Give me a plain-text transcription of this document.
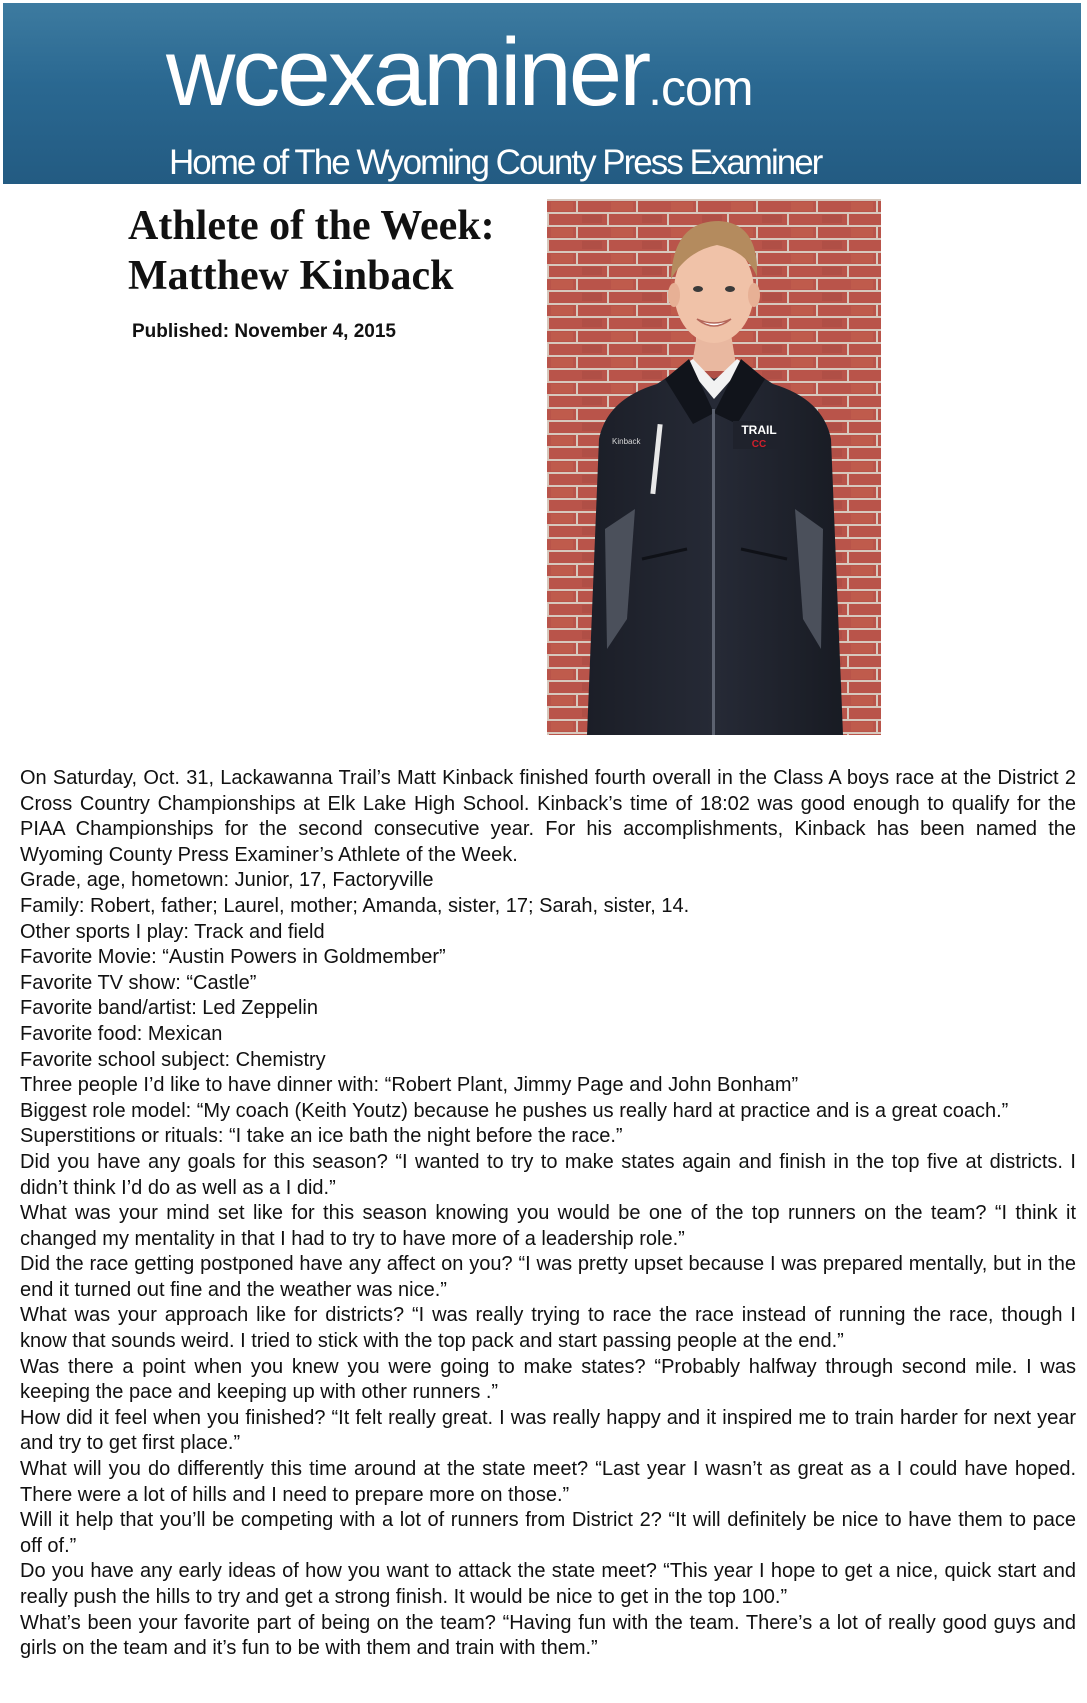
wcexaminer.com
Home of The Wyoming County Press Examiner
Athlete of the Week:
Matthew Kinback
Published: November 4, 2015
TRAIL
CC
Kinback

On Saturday, Oct. 31, Lackawanna Trail’s Matt Kinback finished fourth overall in the Class A boys race at the District 2 Cross Country Championships at Elk Lake High School. Kinback’s time of 18:02 was good enough to qualify for the PIAA Championships for the second consecutive year. For his accomplishments, Kinback has been named the Wyoming County Press Examiner’s Athlete of the Week.

Grade, age, hometown: Junior, 17, Factoryville

Family: Robert, father; Laurel, mother; Amanda, sister, 17; Sarah, sister, 14.

Other sports I play: Track and field

Favorite Movie: “Austin Powers in Goldmember”

Favorite TV show: “Castle”

Favorite band/artist: Led Zeppelin

Favorite food: Mexican

Favorite school subject: Chemistry

Three people I’d like to have dinner with: “Robert Plant, Jimmy Page and John Bonham”

Biggest role model: “My coach (Keith Youtz) because he pushes us really hard at practice and is a great coach.”

Superstitions or rituals: “I take an ice bath the night before the race.”

Did you have any goals for this season? “I wanted to try to make states again and finish in the top five at districts. I didn’t think I’d do as well as a I did.”

What was your mind set like for this season knowing you would be one of the top runners on the team? “I think it changed my mentality in that I had to try to have more of a leadership role.”

Did the race getting postponed have any affect on you? “I was pretty upset because I was prepared mentally, but in the end it turned out fine and the weather was nice.”

What was your approach like for districts? “I was really trying to race the race instead of running the race, though I know that sounds weird. I tried to stick with the top pack and start passing people at the end.”

Was there a point when you knew you were going to make states? “Probably halfway through second mile. I was keeping the pace and keeping up with other runners .”

How did it feel when you finished? “It felt really great. I was really happy and it inspired me to train harder for next year and try to get first place.”

What will you do differently this time around at the state meet? “Last year I wasn’t as great as a I could have hoped. There were a lot of hills and I need to prepare more on those.”

Will it help that you’ll be competing with a lot of runners from District 2? “It will definitely be nice to have them to pace off of.”

Do you have any early ideas of how you want to attack the state meet? “This year I hope to get a nice, quick start and really push the hills to try and get a strong finish. It would be nice to get in the top 100.”

What’s been your favorite part of being on the team? “Having fun with the team. There’s a lot of really good guys and girls on the team and it’s fun to be with them and train with them.”
